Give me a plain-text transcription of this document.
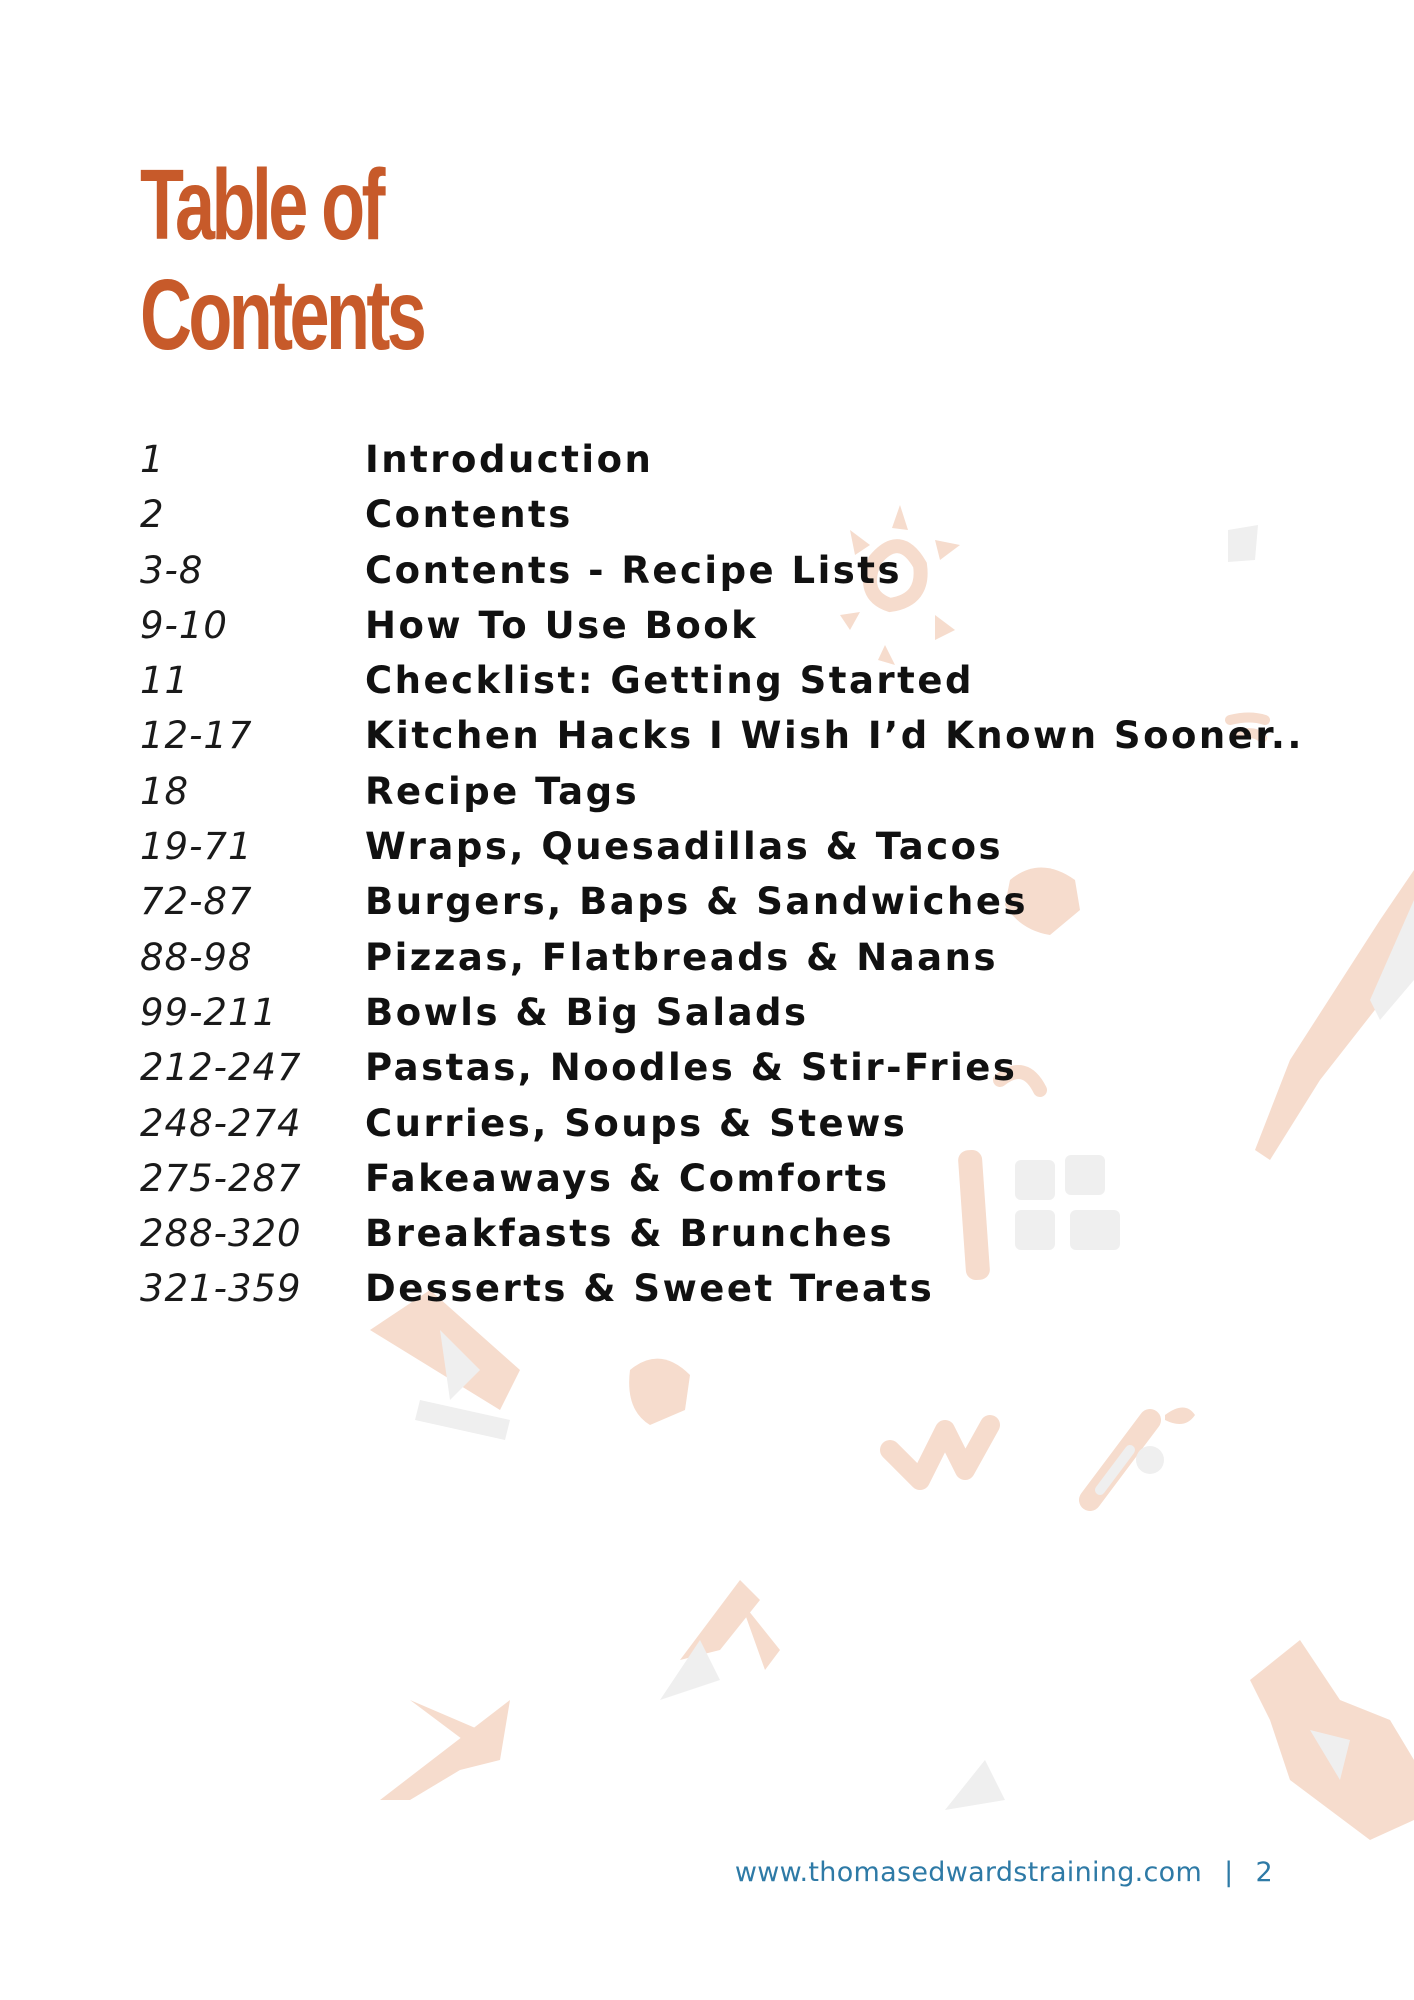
Table of
Contents
1	Introduction
2	Contents
3-8	Contents - Recipe Lists
9-10	How To Use Book
11	Checklist: Getting Started
12-17	Kitchen Hacks I Wish I’d Known Sooner..
18	Recipe Tags
19-71	Wraps, Quesadillas & Tacos
72-87	Burgers, Baps & Sandwiches
88-98	Pizzas, Flatbreads & Naans
99-211	Bowls & Big Salads
212-247	Pastas, Noodles & Stir-Fries
248-274	Curries, Soups & Stews
275-287	Fakeaways & Comforts
288-320	Breakfasts & Brunches
321-359	Desserts & Sweet Treats
www.thomasedwardstraining.com | 2
